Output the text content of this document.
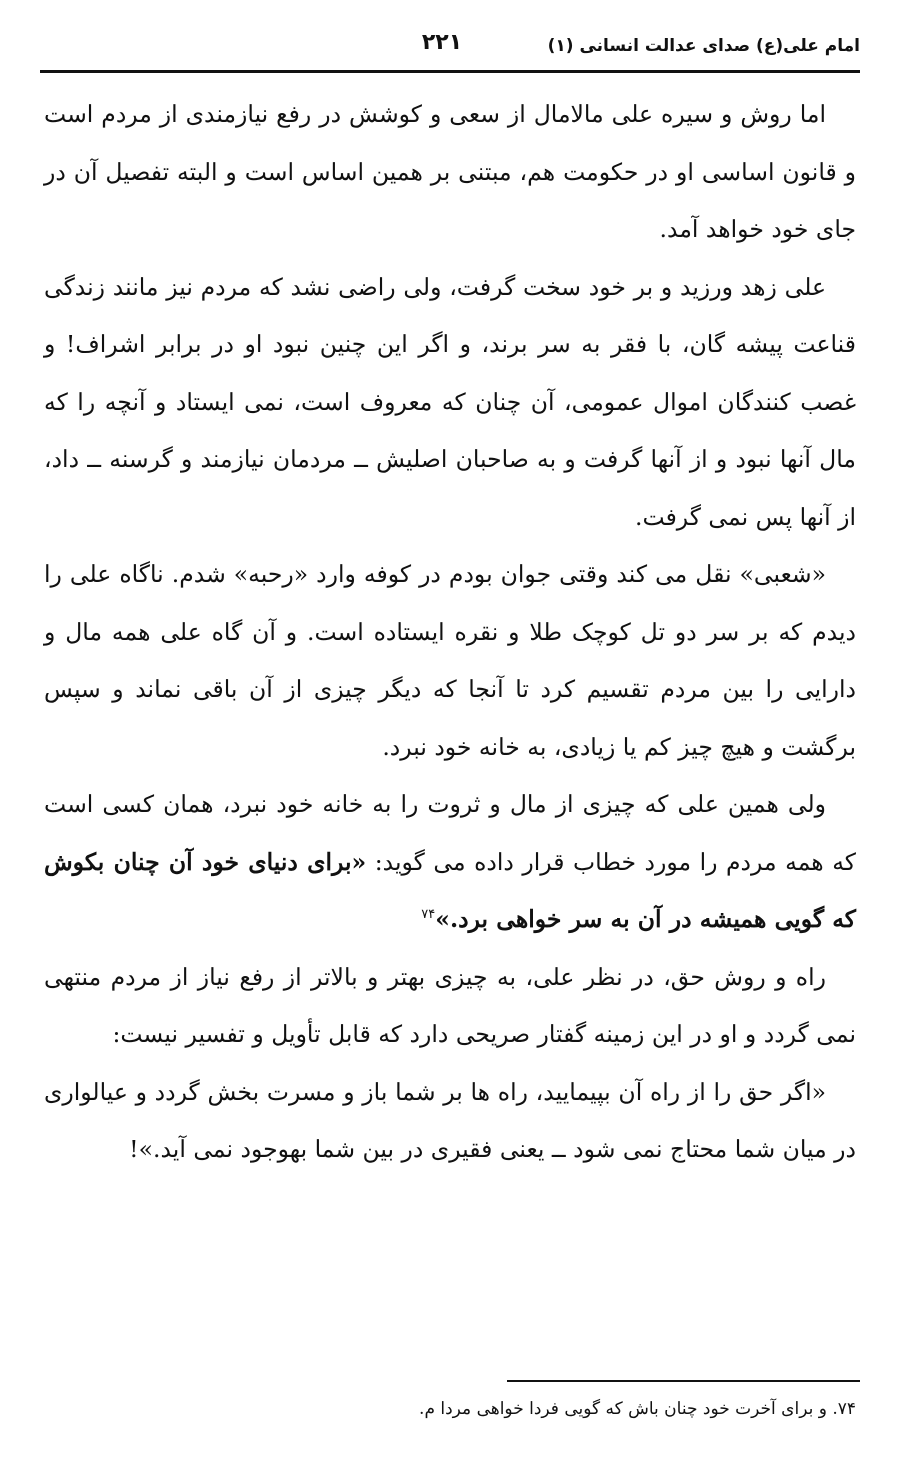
امام علی(ع) صدای عدالت انسانی (۱)
۲۲۱

اما روش و سیره علی مالامال از سعی و کوشش در رفع نیازمندی از مردم است و قانون اساسی او در حکومت هم، مبتنی بر همین اساس است و البته تفصیل آن در جای خود خواهد آمد.

علی زهد ورزید و بر خود سخت گرفت، ولی راضی نشد که مردم نیز مانند زندگی قناعت پیشه گان، با فقر به سر برند، و اگر این چنین نبود او در برابر اشراف! و غصب کنندگان اموال عمومی، آن چنان که معروف است، نمی ایستاد و آنچه را که مال آنها نبود و از آنها گرفت و به صاحبان اصلیش ــ مردمان نیازمند و گرسنه ــ داد، از آنها پس نمی گرفت.

«شعبی» نقل می کند وقتی جوان بودم در کوفه وارد «رحبه» شدم. ناگاه علی را دیدم که بر سر دو تل کوچک طلا و نقره ایستاده است. و آن گاه علی همه مال و دارایی را بین مردم تقسیم کرد تا آنجا که دیگر چیزی از آن باقی نماند و سپس برگشت و هیچ چیز کم یا زیادی، به خانه خود نبرد.

ولی همین علی که چیزی از مال و ثروت را به خانه خود نبرد، همان کسی است که همه مردم را مورد خطاب قرار داده می گوید: «برای دنیای خود آن چنان بکوش که گویی همیشه در آن به سر خواهی برد.»$^{۷۴}$

راه و روش حق، در نظر علی، به چیزی بهتر و بالاتر از رفع نیاز از مردم منتهی نمی گردد و او در این زمینه گفتار صریحی دارد که قابل تأویل و تفسیر نیست:

«اگر حق را از راه آن بپیمایید، راه ها بر شما باز و مسرت بخش گردد و عیالواری در میان شما محتاج نمی شود ــ یعنی فقیری در بین شما بهوجود نمی آید.»!

۷۴. و برای آخرت خود چنان باش که گویی فردا خواهی مردا م.
